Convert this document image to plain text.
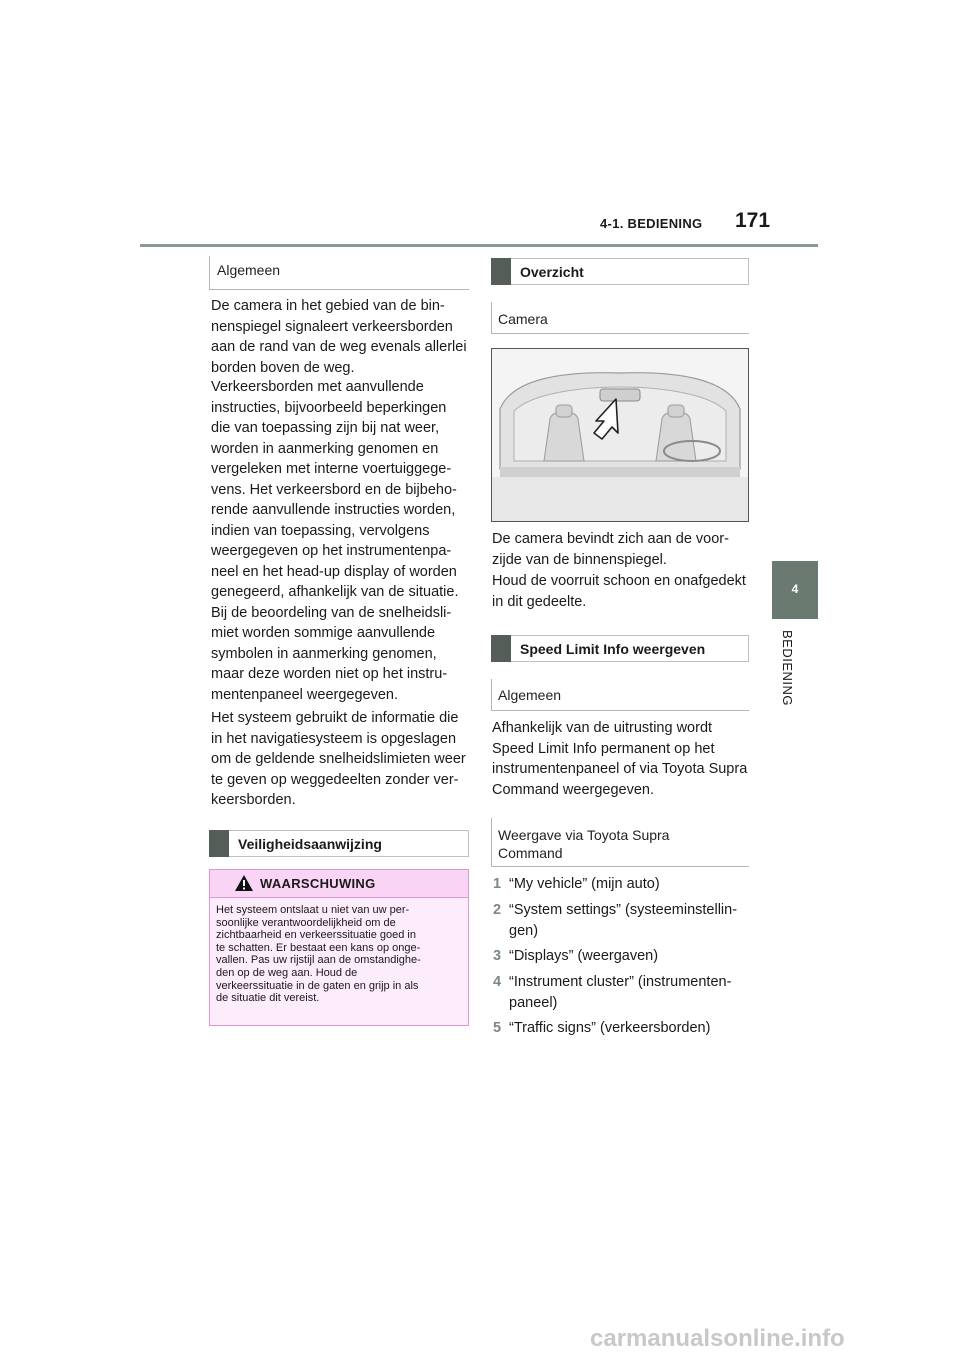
4-1. BEDIENING 171
4
BEDIENING
Algemeen

De camera in het gebied van de bin-
nenspiegel signaleert verkeersborden
aan de rand van de weg evenals allerlei
borden boven de weg.

Verkeersborden met aanvullende
instructies, bijvoorbeeld beperkingen
die van toepassing zijn bij nat weer,
worden in aanmerking genomen en
vergeleken met interne voertuiggege-
vens. Het verkeersbord en de bijbeho-
rende aanvullende instructies worden,
indien van toepassing, vervolgens
weergegeven op het instrumentenpa-
neel en het head-up display of worden
genegeerd, afhankelijk van de situatie.
Bij de beoordeling van de snelheidsli-
miet worden sommige aanvullende
symbolen in aanmerking genomen,
maar deze worden niet op het instru-
mentenpaneel weergegeven.

Het systeem gebruikt de informatie die
in het navigatiesysteem is opgeslagen
om de geldende snelheidslimieten weer
te geven op weggedeelten zonder ver-
keersborden.

Veiligheidsaanwijzing
WAARSCHUWING
Het systeem ontslaat u niet van uw per-
soonlijke verantwoordelijkheid om de
zichtbaarheid en verkeerssituatie goed in
te schatten. Er bestaat een kans op onge-
vallen. Pas uw rijstijl aan de omstandighe-
den op de weg aan. Houd de
verkeerssituatie in de gaten en grijp in als
de situatie dit vereist.
Overzicht
Camera

De camera bevindt zich aan de voor-
zijde van de binnenspiegel.

Houd de voorruit schoon en onafgedekt
in dit gedeelte.

Speed Limit Info weergeven
Algemeen

Afhankelijk van de uitrusting wordt
Speed Limit Info permanent op het
instrumentenpaneel of via Toyota Supra
Command weergegeven.

Weergave via Toyota Supra
Command
1 “My vehicle” (mijn auto)
2 “System settings” (systeeminstellin-
gen)
3 “Displays” (weergaven)
4 “Instrument cluster” (instrumenten-
paneel)
5 “Traffic signs” (verkeersborden)
carmanualsonline.info
